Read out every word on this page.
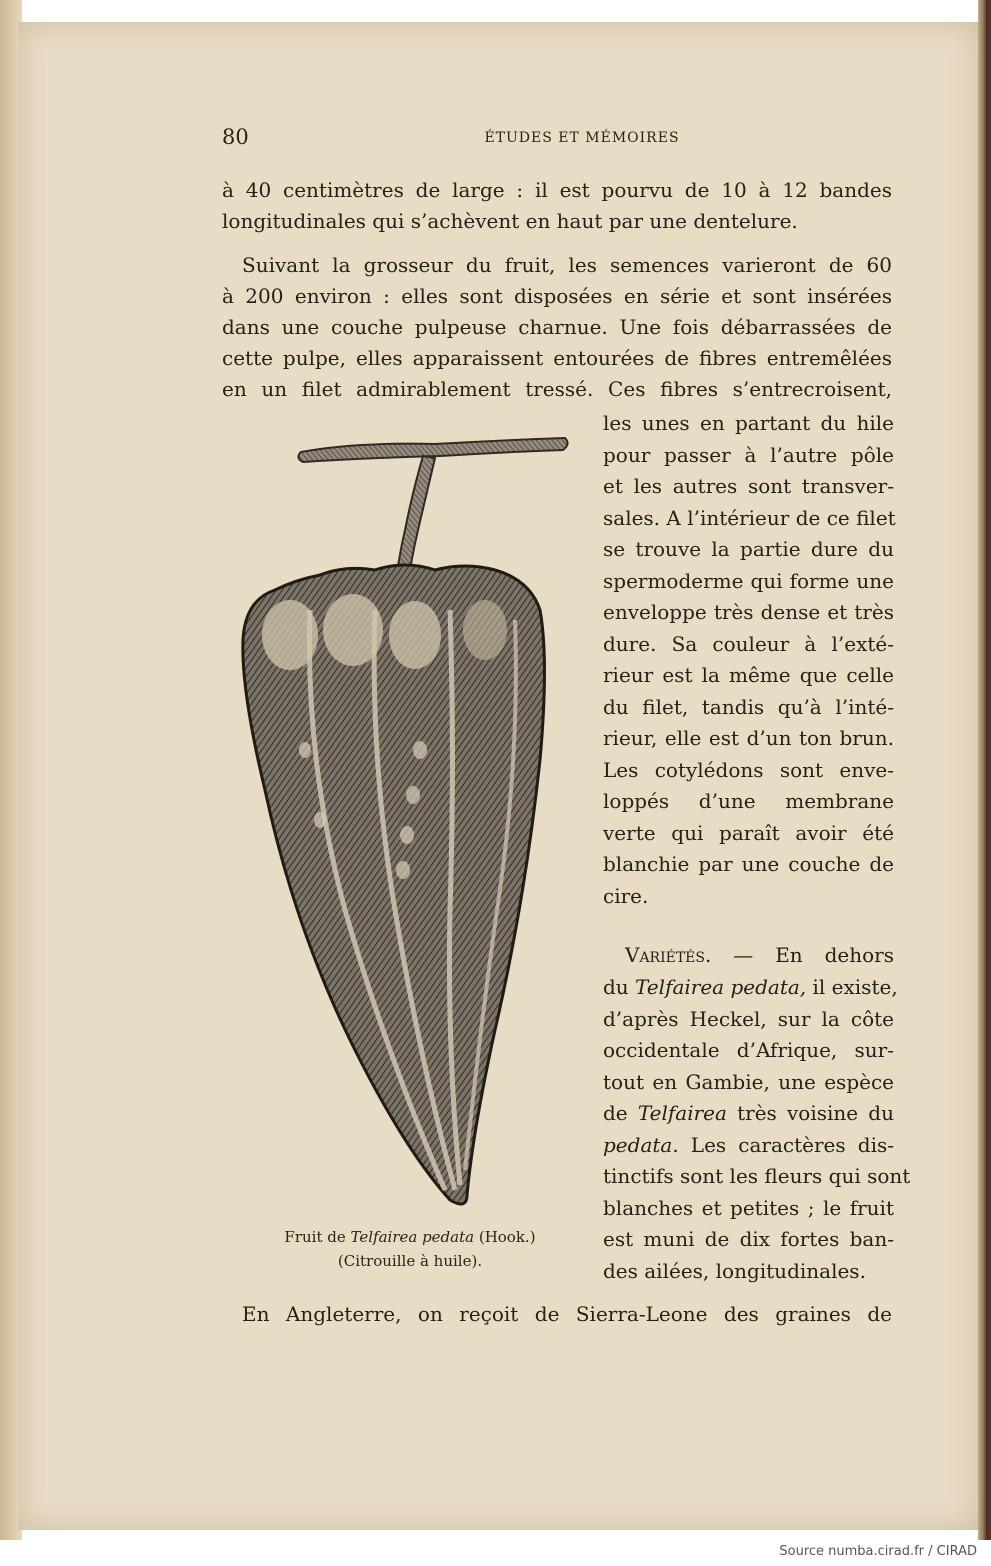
80	ÉTUDES ET MÉMOIRES
à 40 centimètres de large : il est pourvu de 10 à 12 bandes
longitudinales qui s’achèvent en haut par une dentelure.
Suivant la grosseur du fruit, les semences varieront de 60
à 200 environ : elles sont disposées en série et sont insérées
dans une couche pulpeuse charnue. Une fois débarrassées de
cette pulpe, elles apparaissent entourées de fibres entremêlées
en un filet admirablement tressé. Ces fibres s’entrecroisent,
les unes en partant du hile
pour passer à l’autre pôle
et les autres sont transver-
sales. A l’intérieur de ce filet
se trouve la partie dure du
spermoderme qui forme une
enveloppe très dense et très
dure. Sa couleur à l’exté-
rieur est la même que celle
du filet, tandis qu’à l’inté-
rieur, elle est d’un ton brun.
Les cotylédons sont enve-
loppés d’une membrane
verte qui paraît avoir été
blanchie par une couche de
cire.
Variétés. — En dehors
du Telfairea pedata, il existe,
d’après Heckel, sur la côte
occidentale d’Afrique, sur-
tout en Gambie, une espèce
de Telfairea très voisine du
pedata. Les caractères dis-
tinctifs sont les fleurs qui sont
blanches et petites ; le fruit
est muni de dix fortes ban-
des ailées, longitudinales.
En Angleterre, on reçoit de Sierra-Leone des graines de
Fruit de Telfairea pedata (Hook.)
(Citrouille à huile).
Source numba.cirad.fr / CIRAD
